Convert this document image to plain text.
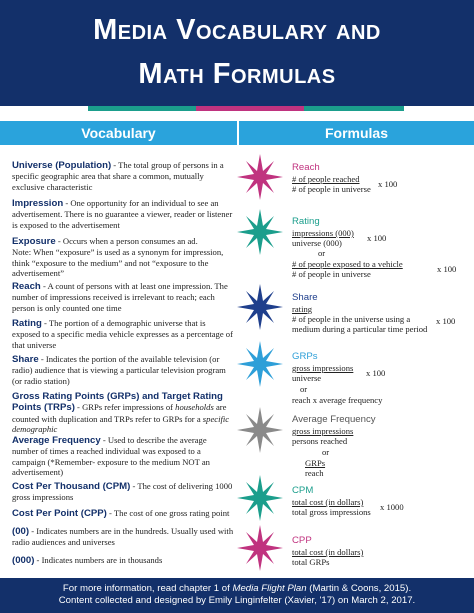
Media Vocabulary and
Math Formulas
Vocabulary	Formulas
Universe (Population) - The total group of persons in a specific geographic area that share a common, mutually exclusive characteristic
Impression - One opportunity for an individual to see an advertisement. There is no guarantee a viewer, reader or listener is exposed to the advertisement
Exposure - Occurs when a person consumes an ad.
Note: When “exposure” is used as a synonym for impression, think “exposure to the medium” and not “exposure to the advertisement”
Reach - A count of persons with at least one impression. The number of impressions received is irrelevant to reach; each person is only counted one time
Rating - The portion of a demographic universe that is exposed to a specific media vehicle expresses as a percentage of that universe
Share - Indicates the portion of the available television (or radio) audience that is viewing a particular television program (or radio station)
Gross Rating Points (GRPs) and Target Rating Points (TRPs) - GRPs refer impressions of households are counted with duplication and TRPs refer to GRPs for a specific demographic
Average Frequency - Used to describe the average number of times a reached individual was exposed to a campaign (*Remember- exposure to the medium NOT an advertisement)
Cost Per Thousand (CPM) - The cost of delivering 1000 gross impressions
Cost Per Point (CPP) - The cost of one gross rating point
(00) - Indicates numbers are in the hundreds. Usually used with radio audiences and universes
(000) - Indicates numbers are in thousands
Reach
# of people reached
# of people in universe x 100
Rating
impressions (000)
universe (000)	x 100
or
# of people exposed to a vehicle
# of people in universe	x 100
Share
rating
# of people in the universe using a medium during a particular time period
x 100
GRPs
gross impressions
universe	x 100
or
reach x average frequency
Average Frequency
gross impressions
persons reached
or
GRPs
reach
CPM
total cost (in dollars)
total gross impressions x 1000
CPP
total cost (in dollars)
total GRPs
For more information, read chapter 1 of Media Flight Plan (Martin & Coons, 2015).
Content collected and designed by Emily Linginfelter (Xavier, '17) on March 2, 2017.
